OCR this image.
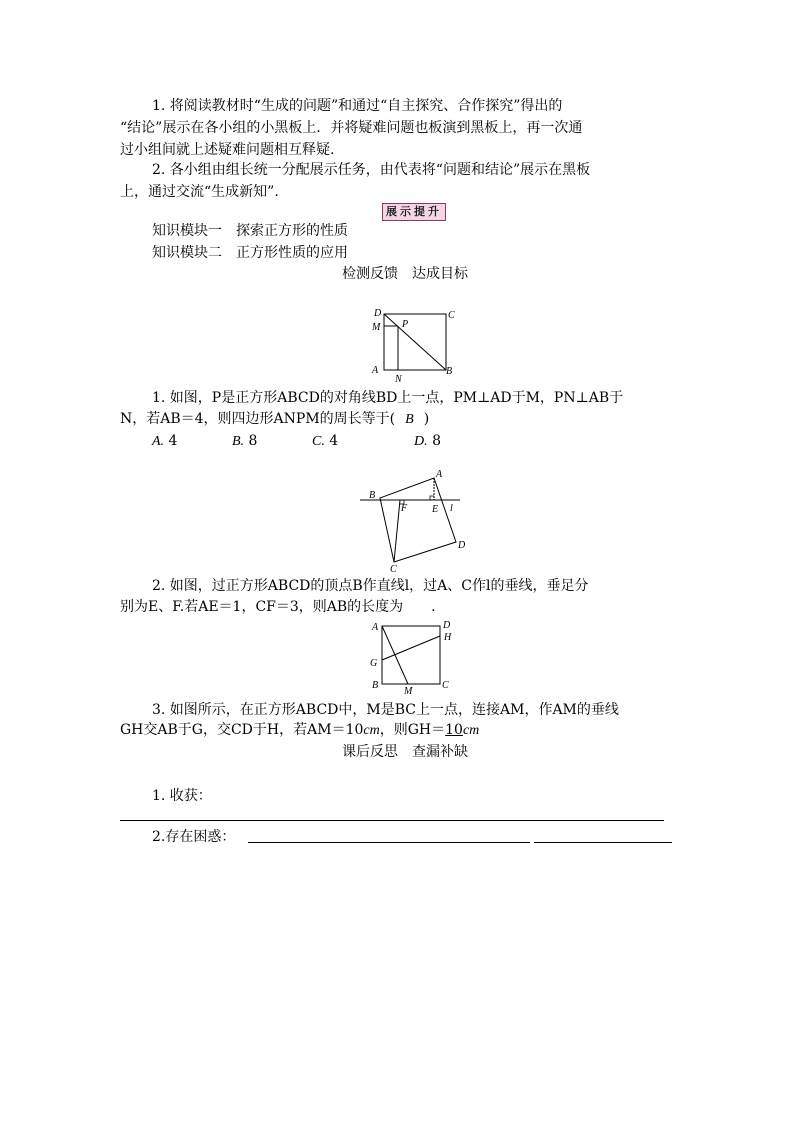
1. 将阅读教材时“生成的问题”和通过“自主探究、合作探究”得出的
“结论”展示在各小组的小黑板上．并将疑难问题也板演到黑板上，再一次通
过小组间就上述疑难问题相互释疑.
2. 各小组由组长统一分配展示任务，由代表将“问题和结论”展示在黑板
上，通过交流“生成新知”.
展示提升
知识模块一　探索正方形的性质
知识模块二　正方形性质的应用
检测反馈　达成目标
D
M P
C
A
N
B
1. 如图，P是正方形ABCD的对角线BD上一点，PM⊥AD于M，PN⊥AB于
N，若AB＝4，则四边形ANPM的周长等于( B )
A. 4	B. 8	C. 4	D. 8
A
B
F E l
C
D
2. 如图，过正方形ABCD的顶点B作直线l，过A、C作l的垂线，垂足分
别为E、F.若AE＝1，CF＝3，则AB的长度为　　.
A	D
H
G
B
M
C
3. 如图所示，在正方形ABCD中，M是BC上一点，连接AM，作AM的垂线
GH交AB于G，交CD于H，若AM＝10cm，则GH＝10cm
课后反思　查漏补缺
1. 收获：
2.存在困惑：
